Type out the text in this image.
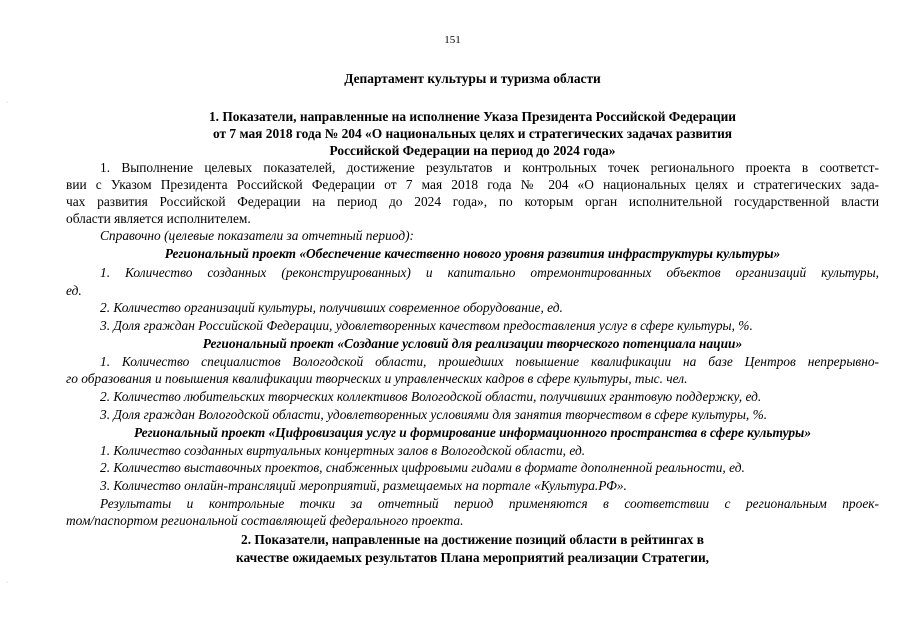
151
Департамент культуры и туризма области
1. Показатели, направленные на исполнение Указа Президента Российской Федерации
от 7 мая 2018 года № 204 «О национальных целях и стратегических задачах развития
Российской Федерации на период до 2024 года»
1. Выполнение целевых показателей, достижение результатов и контрольных точек регионального проекта в соответст-
вии с Указом Президента Российской Федерации от 7 мая 2018 года № 204 «О национальных целях и стратегических зада-
чах развития Российской Федерации на период до 2024 года», по которым орган исполнительной государственной власти
области является исполнителем.
Справочно (целевые показатели за отчетный период):
Региональный проект «Обеспечение качественно нового уровня развития инфраструктуры культуры»
1. Количество созданных (реконструированных) и капитально отремонтированных объектов организаций культуры,
ед.
2. Количество организаций культуры, получивших современное оборудование, ед.
3. Доля граждан Российской Федерации, удовлетворенных качеством предоставления услуг в сфере культуры, %.
Региональный проект «Создание условий для реализации творческого потенциала нации»
1. Количество специалистов Вологодской области, прошедших повышение квалификации на базе Центров непрерывно-
го образования и повышения квалификации творческих и управленческих кадров в сфере культуры, тыс. чел.
2. Количество любительских творческих коллективов Вологодской области, получивших грантовую поддержку, ед.
3. Доля граждан Вологодской области, удовлетворенных условиями для занятия творчеством в сфере культуры, %.
Региональный проект «Цифровизация услуг и формирование информационного пространства в сфере культуры»
1. Количество созданных виртуальных концертных залов в Вологодской области, ед.
2. Количество выставочных проектов, снабженных цифровыми гидами в формате дополненной реальности, ед.
3. Количество онлайн-трансляций мероприятий, размещаемых на портале «Культура.РФ».
Результаты и контрольные точки за отчетный период применяются в соответствии с региональным проек-
том/паспортом региональной составляющей федерального проекта.
2. Показатели, направленные на достижение позиций области в рейтингах в
качестве ожидаемых результатов Плана мероприятий реализации Стратегии,
·
·
